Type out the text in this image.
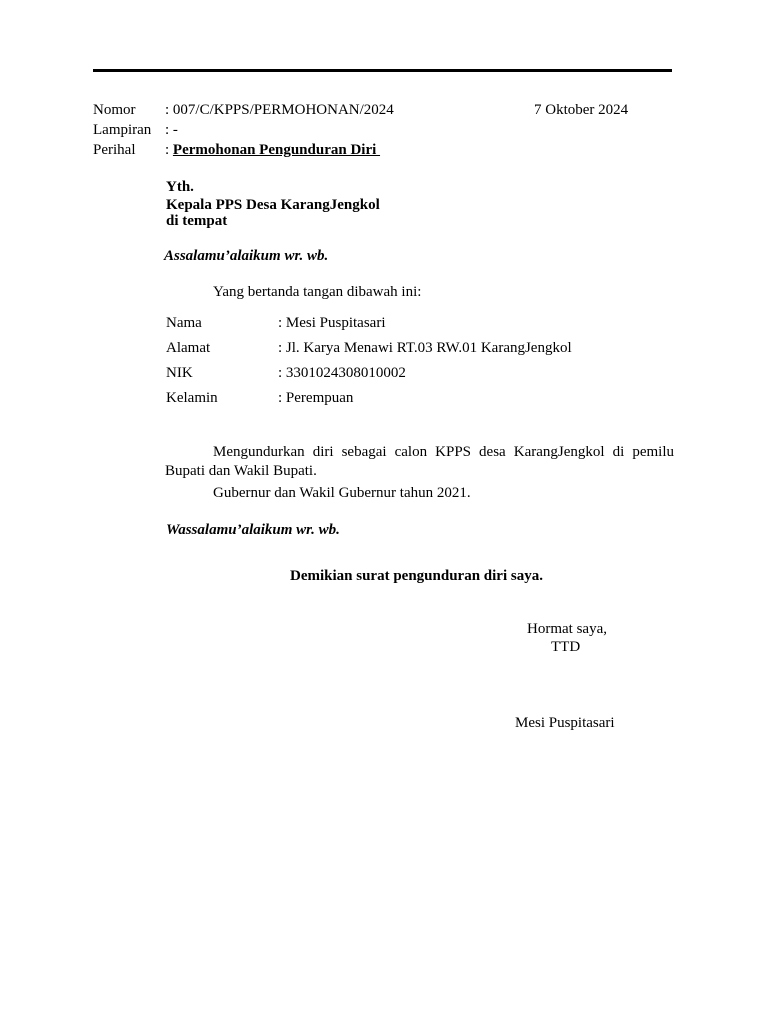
Nomor : 007/C/KPPS/PERMOHONAN/2024	7 Oktober 2024
Lampiran : -
Perihal : Permohonan Pengunduran Diri
Yth.
Kepala PPS Desa KarangJengkol
di tempat
Assalamu’alaikum wr. wb.
Yang bertanda tangan dibawah ini:
Nama	: Mesi Puspitasari
Alamat	: Jl. Karya Menawi RT.03 RW.01 KarangJengkol
NIK	: 3301024308010002
Kelamin	: Perempuan
Mengundurkan diri sebagai calon KPPS desa KarangJengkol di pemilu Bupati dan Wakil Bupati.
Gubernur dan Wakil Gubernur tahun 2021.
Wassalamu’alaikum wr. wb.
Demikian surat pengunduran diri saya.
Hormat saya,
TTD
Mesi Puspitasari
